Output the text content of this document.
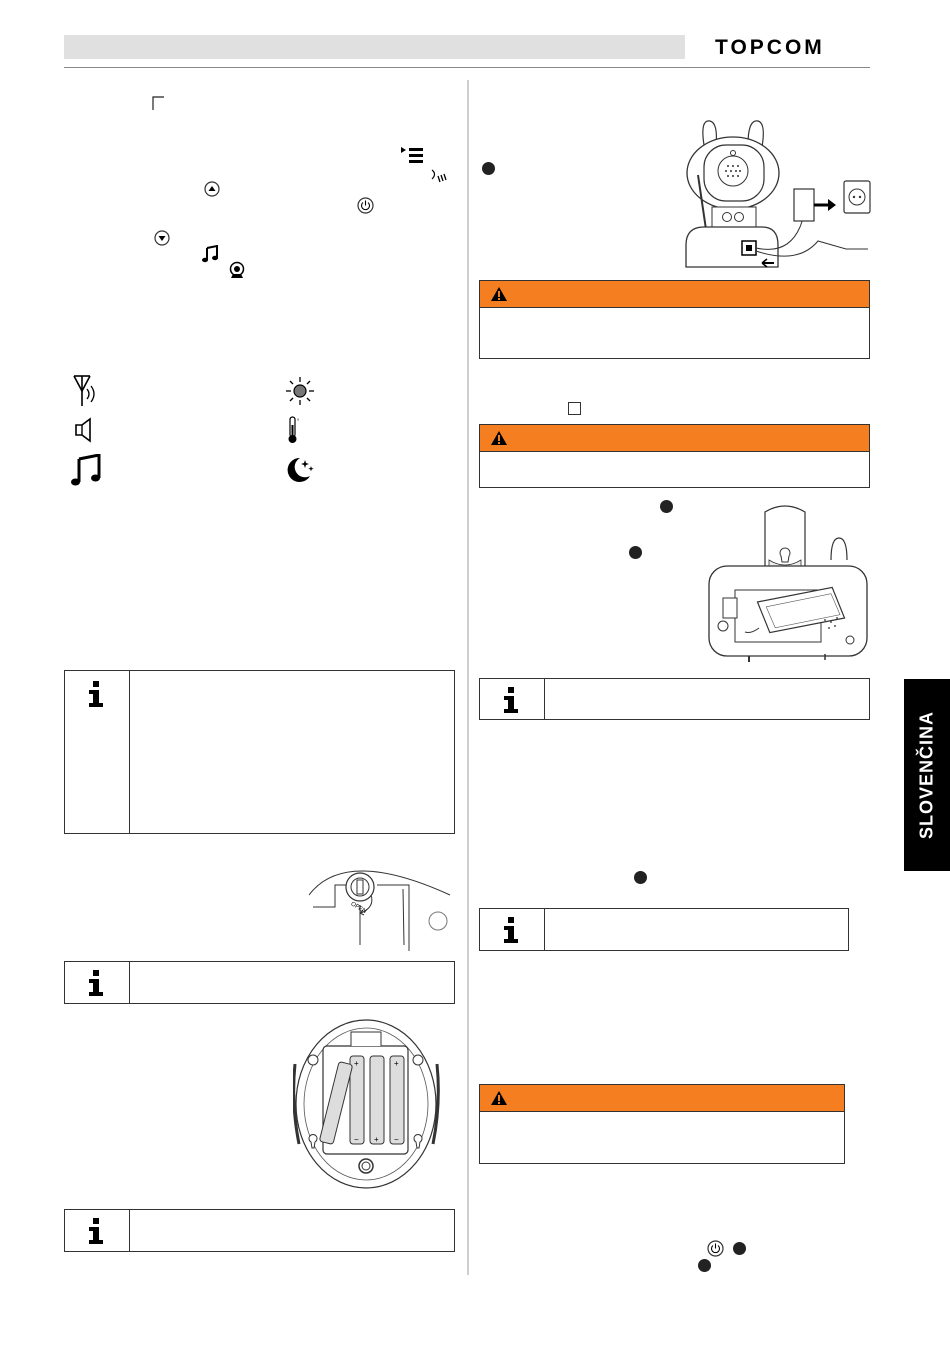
TOPCOM
SLOVENČINA
°
OPEN
+	+
− + −
